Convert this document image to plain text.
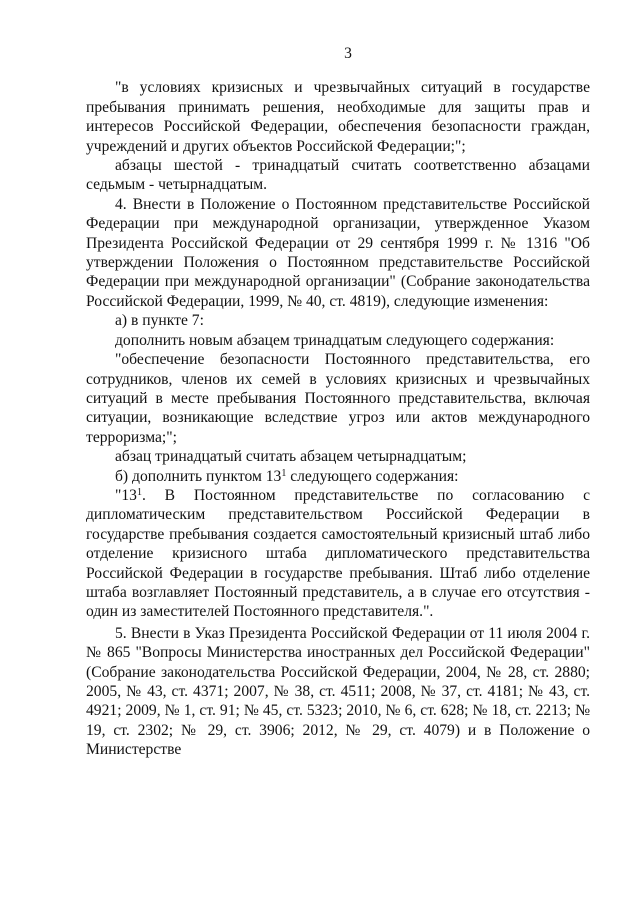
3

"в условиях кризисных и чрезвычайных ситуаций в государстве пребывания принимать решения, необходимые для защиты прав и интересов Российской Федерации, обеспечения безопасности граждан, учреждений и других объектов Российской Федерации;";

абзацы шестой - тринадцатый считать соответственно абзацами седьмым - четырнадцатым.

4. Внести в Положение о Постоянном представительстве Российской Федерации при международной организации, утвержденное Указом Президента Российской Федерации от 29 сентября 1999 г. № 1316 "Об утверждении Положения о Постоянном представительстве Российской Федерации при международной организации" (Собрание законодательства Российской Федерации, 1999, № 40, ст. 4819), следующие изменения:

а) в пункте 7:

дополнить новым абзацем тринадцатым следующего содержания:

"обеспечение безопасности Постоянного представительства, его сотрудников, членов их семей в условиях кризисных и чрезвычайных ситуаций в месте пребывания Постоянного представительства, включая ситуации, возникающие вследствие угроз или актов международного терроризма;";

абзац тринадцатый считать абзацем четырнадцатым;

б) дополнить пунктом $13^1$ следующего содержания:

"$13^1$. В Постоянном представительстве по согласованию с дипломатическим представительством Российской Федерации в государстве пребывания создается самостоятельный кризисный штаб либо отделение кризисного штаба дипломатического представительства Российской Федерации в государстве пребывания. Штаб либо отделение штаба возглавляет Постоянный представитель, а в случае его отсутствия - один из заместителей Постоянного представителя.".

5. Внести в Указ Президента Российской Федерации от 11 июля 2004 г. № 865 "Вопросы Министерства иностранных дел Российской Федерации" (Собрание законодательства Российской Федерации, 2004, № 28, ст. 2880; 2005, № 43, ст. 4371; 2007, № 38, ст. 4511; 2008, № 37, ст. 4181; № 43, ст. 4921; 2009, № 1, ст. 91; № 45, ст. 5323; 2010, № 6, ст. 628; № 18, ст. 2213; № 19, ст. 2302; № 29, ст. 3906; 2012, № 29, ст. 4079) и в Положение о Министерстве
